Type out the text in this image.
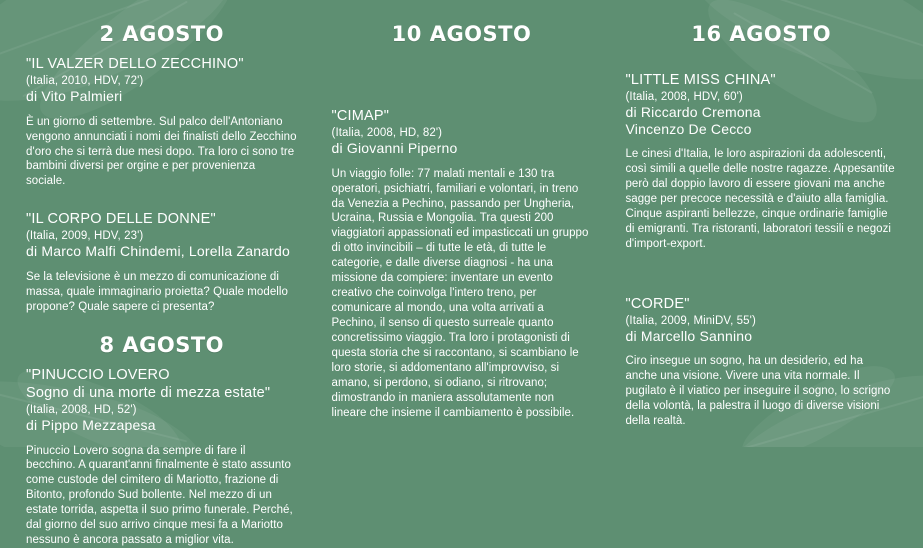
2 AGOSTO
"IL VALZER DELLO ZECCHINO"
(Italia, 2010, HDV, 72')
di Vito Palmieri
È un giorno di settembre. Sul palco dell'Antoniano vengono annunciati i nomi dei finalisti dello Zecchino d'oro che si terrà due mesi dopo. Tra loro ci sono tre bambini diversi per orgine e per provenienza sociale.
"IL CORPO DELLE DONNE"
(Italia, 2009, HDV, 23')
di Marco Malfi Chindemi, Lorella Zanardo
Se la televisione è un mezzo di comunicazione di massa, quale immaginario proietta? Quale modello propone? Quale sapere ci presenta?
8 AGOSTO
"PINUCCIO LOVERO
Sogno di una morte di mezza estate"
(Italia, 2008, HD, 52')
di Pippo Mezzapesa
Pinuccio Lovero sogna da sempre di fare il becchino. A quarant'anni finalmente è stato assunto come custode del cimitero di Mariotto, frazione di Bitonto, profondo Sud bollente. Nel mezzo di un estate torrida, aspetta il suo primo funerale. Perché, dal giorno del suo arrivo cinque mesi fa a Mariotto nessuno è ancora passato a miglior vita.
10 AGOSTO
"CIMAP"
(Italia, 2008, HD, 82')
di Giovanni Piperno
Un viaggio folle: 77 malati mentali e 130 tra operatori, psichiatri, familiari e volontari, in treno da Venezia a Pechino, passando per Ungheria, Ucraina, Russia e Mongolia. Tra questi 200 viaggiatori appassionati ed impasticcati un gruppo di otto invincibili – di tutte le età, di tutte le categorie, e dalle diverse diagnosi - ha una missione da compiere: inventare un evento creativo che coinvolga l'intero treno, per comunicare al mondo, una volta arrivati a Pechino, il senso di questo surreale quanto concretissimo viaggio. Tra loro i protagonisti di questa storia che si raccontano, si scambiano le loro storie, si addomentano all'improvviso, si amano, si perdono, si odiano, si ritrovano; dimostrando in maniera assolutamente non lineare che insieme il cambiamento è possibile.
16 AGOSTO
"LITTLE MISS CHINA"
(Italia, 2008, HDV, 60')
di Riccardo Cremona
Vincenzo De Cecco
Le cinesi d'Italia, le loro aspirazioni da adolescenti, così simili a quelle delle nostre ragazze. Appesantite però dal doppio lavoro di essere giovani ma anche sagge per precoce necessità e d'aiuto alla famiglia. Cinque aspiranti bellezze, cinque ordinarie famiglie di emigranti. Tra ristoranti, laboratori tessili e negozi d'import-export.
"CORDE"
(Italia, 2009, MiniDV, 55')
di Marcello Sannino
Ciro insegue un sogno, ha un desiderio, ed ha anche una visione. Vivere una vita normale. Il pugilato è il viatico per inseguire il sogno, lo scrigno della volontà, la palestra il luogo di diverse visioni della realtà.
